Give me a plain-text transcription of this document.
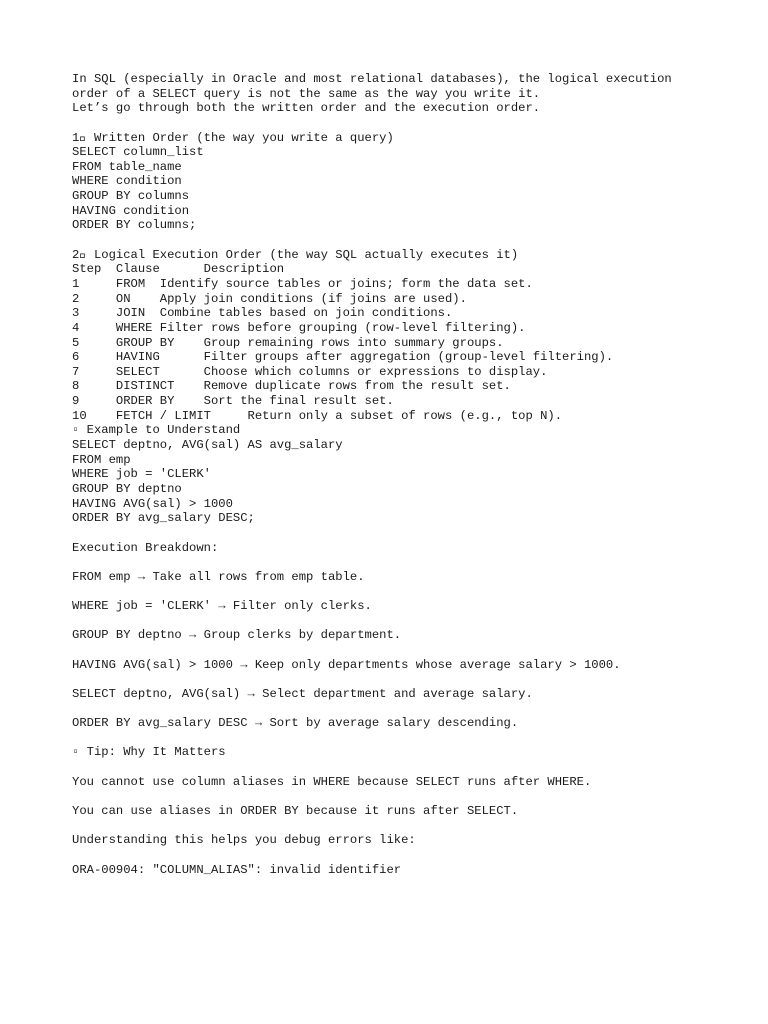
In SQL (especially in Oracle and most relational databases), the logical execution
order of a SELECT query is not the same as the way you write it.
Let’s go through both the written order and the execution order.
1⃣ Written Order (the way you write a query)
SELECT column_list
FROM table_name
WHERE condition
GROUP BY columns
HAVING condition
ORDER BY columns;
2⃣ Logical Execution Order (the way SQL actually executes it)
Step  Clause      Description
1     FROM  Identify source tables or joins; form the data set.
2     ON    Apply join conditions (if joins are used).
3     JOIN  Combine tables based on join conditions.
4     WHERE Filter rows before grouping (row-level filtering).
5     GROUP BY    Group remaining rows into summary groups.
6     HAVING      Filter groups after aggregation (group-level filtering).
7     SELECT      Choose which columns or expressions to display.
8     DISTINCT    Remove duplicate rows from the result set.
9     ORDER BY    Sort the final result set.
10    FETCH / LIMIT     Return only a subset of rows (e.g., top N).
▫ Example to Understand
SELECT deptno, AVG(sal) AS avg_salary
FROM emp
WHERE job = 'CLERK'
GROUP BY deptno
HAVING AVG(sal) > 1000
ORDER BY avg_salary DESC;
Execution Breakdown:
FROM emp → Take all rows from emp table.
WHERE job = 'CLERK' → Filter only clerks.
GROUP BY deptno → Group clerks by department.
HAVING AVG(sal) > 1000 → Keep only departments whose average salary > 1000.
SELECT deptno, AVG(sal) → Select department and average salary.
ORDER BY avg_salary DESC → Sort by average salary descending.
▫ Tip: Why It Matters
You cannot use column aliases in WHERE because SELECT runs after WHERE.
You can use aliases in ORDER BY because it runs after SELECT.
Understanding this helps you debug errors like:
ORA-00904: "COLUMN_ALIAS": invalid identifier
